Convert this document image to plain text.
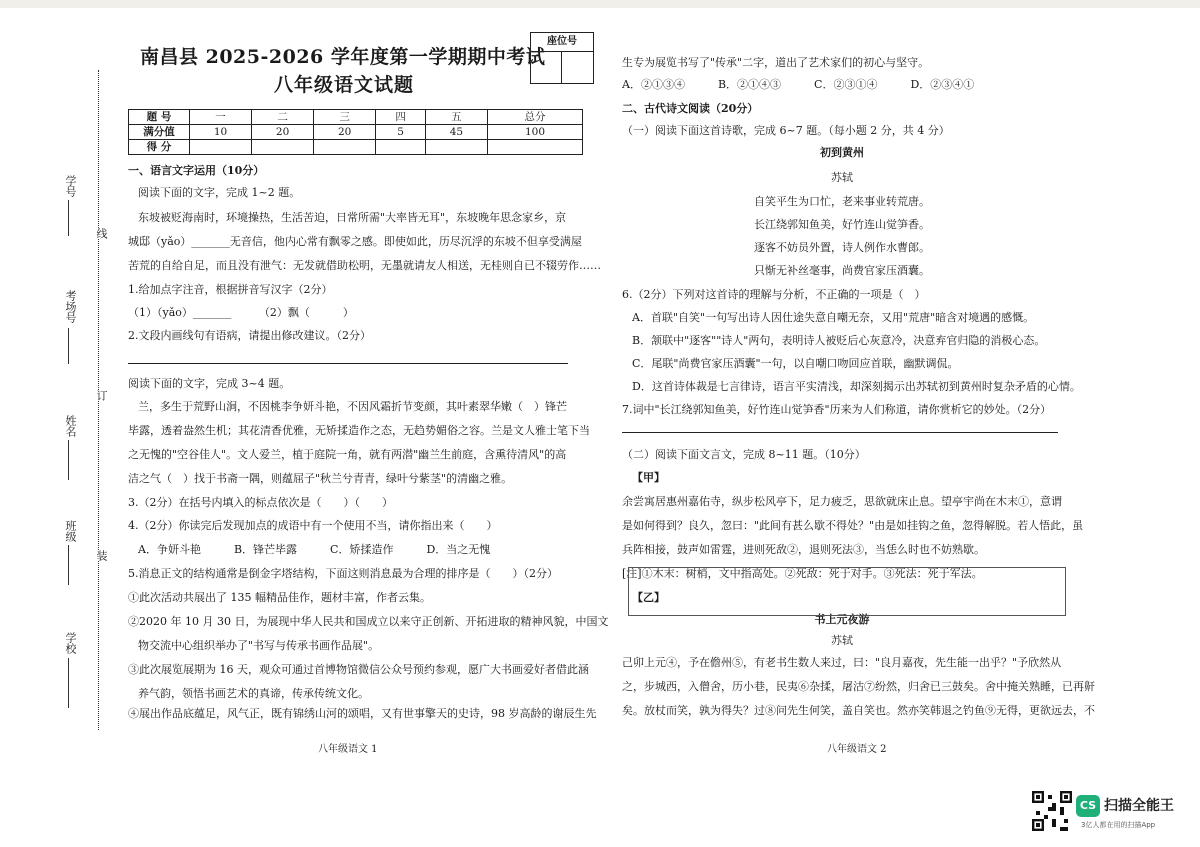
学号
考场号
姓名
班级
学校
线
订
装
南昌县 2025-2026 学年度第一学期期中考试
八年级语文试题
座位号
题 号	一	二	三	四	五	总分
满分值	10	20	20	5	45	100
得 分						
一、语言文字运用（10分）
阅读下面的文字，完成 1~2 题。
东坡被贬海南时，环境操热，生活苦迫，日常所需"大率皆无耳"，东坡晚年思念家乡，京
城邸（yǎo）_______无音信，他内心常有飘零之感。即使如此，历尽沉浮的东坡不但享受满屋
苦荒的自给自足，而且没有泄气：无发就借助松明，无墨就请友人相送，无桂则自已不辍劳作……
1.给加点字注音，根据拼音写汉字（2分）
（1）（yǎo）_______　　　（2）飘（　　　）
2.文段内画线句有语病，请提出修改建议。（2分）
阅读下面的文字，完成 3~4 题。
兰，多生于荒野山涧，不因桃李争妍斗艳，不因风霜折节变颜，其叶素翠华嫩（　）锋芒
毕露，透着盎然生机；其花清香优雅，无矫揉造作之态，无趋势媚俗之容。兰是文人雅士笔下当
之无愧的"空谷佳人"。文人爱兰，植于庭院一角，就有两潜"幽兰生前庭，含熏待清风"的高
洁之气（　）找于书斋一隅，则蕴屈子"秋兰兮青青，绿叶兮紫茎"的清幽之雅。
3.（2分）在括号内填入的标点依次是（　　）（　　）
4.（2分）你读完后发现加点的成语中有一个使用不当，请你指出来（　　）
A．争妍斗艳　　　B．锋芒毕露　　　C．矫揉造作　　　D．当之无愧
5.消息正文的结构通常是倒金字塔结构，下面这则消息最为合理的排序是（　　）（2分）
①此次活动共展出了 135 幅精品佳作，题材丰富，作者云集。
②2020 年 10 月 30 日，为展现中华人民共和国成立以来守正创新、开拓进取的精神风貌，中国文
物交流中心组织举办了"书写与传承书画作品展"。
③此次展览展期为 16 天，观众可通过首博物馆微信公众号预约参观，愿广大书画爱好者借此涵
养气韵，领悟书画艺术的真谛，传承传统文化。
④展出作品底蕴足，风气正，既有锦绣山河的颂唱，又有世事擎天的史诗，98 岁高龄的谢辰生先
八年级语文 1
生专为展览书写了"传承"二字，道出了艺术家们的初心与坚守。
A．②①③④　　　B．②①④③　　　C．②③①④　　　D．②③④①
二、古代诗文阅读（20分）
（一）阅读下面这首诗歌，完成 6~7 题。（每小题 2 分，共 4 分）
初到黄州
苏轼
自笑平生为口忙，老来事业转荒唐。
长江绕郭知鱼美，好竹连山觉笋香。
逐客不妨员外置，诗人例作水曹郎。
只惭无补丝毫事，尚费官家压酒囊。
6.（2分）下列对这首诗的理解与分析，不正确的一项是（　）
A．首联"自笑"一句写出诗人因仕途失意自嘲无奈，又用"荒唐"暗含对境遇的感慨。
B．颔联中"逐客""诗人"两句，表明诗人被贬后心灰意冷，决意弃官归隐的消极心态。
C．尾联"尚费官家压酒囊"一句，以自嘲口吻回应首联，幽默调侃。
D．这首诗体裁是七言律诗，语言平实清浅，却深刻揭示出苏轼初到黄州时复杂矛盾的心情。
7.词中"长江绕郭知鱼美，好竹连山觉笋香"历来为人们称道，请你赏析它的妙处。（2分）
（二）阅读下面文言文，完成 8~11 题。（10分）
【甲】
余尝寓居惠州嘉佑寺，纵步松风亭下，足力疲乏，思欲就床止息。望亭宇尚在木末①，意谓
是如何得到？良久，忽曰："此间有甚么歇不得处？"由是如挂钩之鱼，忽得解脱。若人悟此，虽
兵阵相接，鼓声如雷霆，进则死敌②，退则死法③，当恁么时也不妨熟歇。
[注]①木末：树梢，文中指高处。②死敌：死于对手。③死法：死于军法。
【乙】
书上元夜游
苏轼
己卯上元④，予在儋州⑤，有老书生数人来过，曰："良月嘉夜，先生能一出乎？"予欣然从
之，步城西，入僧舍，历小巷，民夷⑥杂揉，屠沽⑦纷然，归舍已三鼓矣。舍中掩关熟睡，已再鼾
矣。放杖而笑，孰为得失？过⑧问先生何笑，盖自笑也。然亦笑韩退之钓鱼⑨无得，更欲远去，不
八年级语文 2
CS 扫描全能王
3亿人都在用的扫描App
